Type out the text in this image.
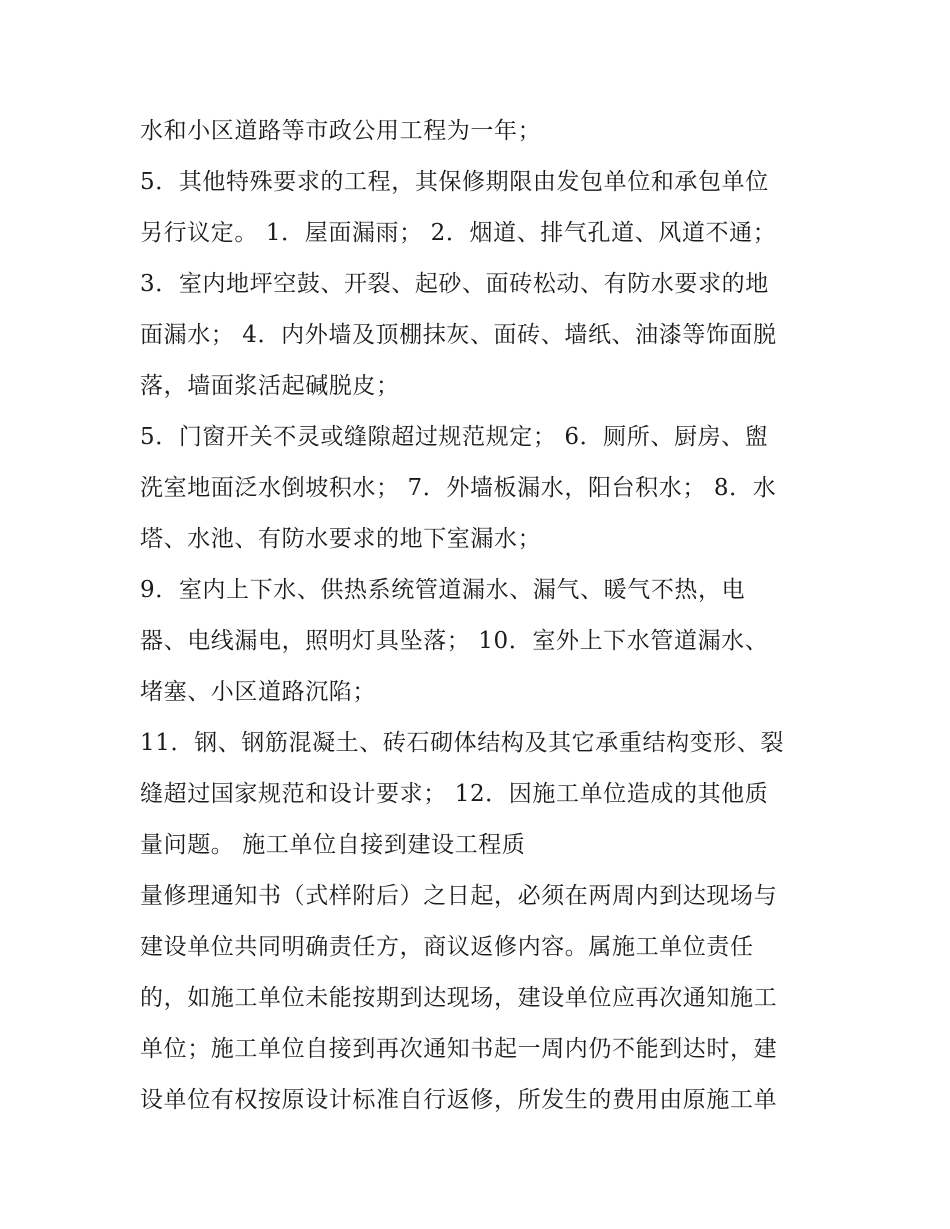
水和小区道路等市政公用工程为一年；
5．其他特殊要求的工程，其保修期限由发包单位和承包单位
另行议定。 1．屋面漏雨； 2．烟道、排气孔道、风道不通；
3．室内地坪空鼓、开裂、起砂、面砖松动、有防水要求的地
面漏水； 4．内外墙及顶棚抹灰、面砖、墙纸、油漆等饰面脱
落，墙面浆活起碱脱皮；
5．门窗开关不灵或缝隙超过规范规定； 6．厕所、厨房、盥
洗室地面泛水倒坡积水； 7．外墙板漏水，阳台积水； 8．水
塔、水池、有防水要求的地下室漏水；
9．室内上下水、供热系统管道漏水、漏气、暖气不热，电
器、电线漏电，照明灯具坠落； 10．室外上下水管道漏水、
堵塞、小区道路沉陷；
11．钢、钢筋混凝土、砖石砌体结构及其它承重结构变形、裂
缝超过国家规范和设计要求； 12．因施工单位造成的其他质
量问题。 施工单位自接到建设工程质
量修理通知书（式样附后）之日起，必须在两周内到达现场与
建设单位共同明确责任方，商议返修内容。属施工单位责任
的，如施工单位未能按期到达现场，建设单位应再次通知施工
单位；施工单位自接到再次通知书起一周内仍不能到达时，建
设单位有权按原设计标准自行返修，所发生的费用由原施工单
